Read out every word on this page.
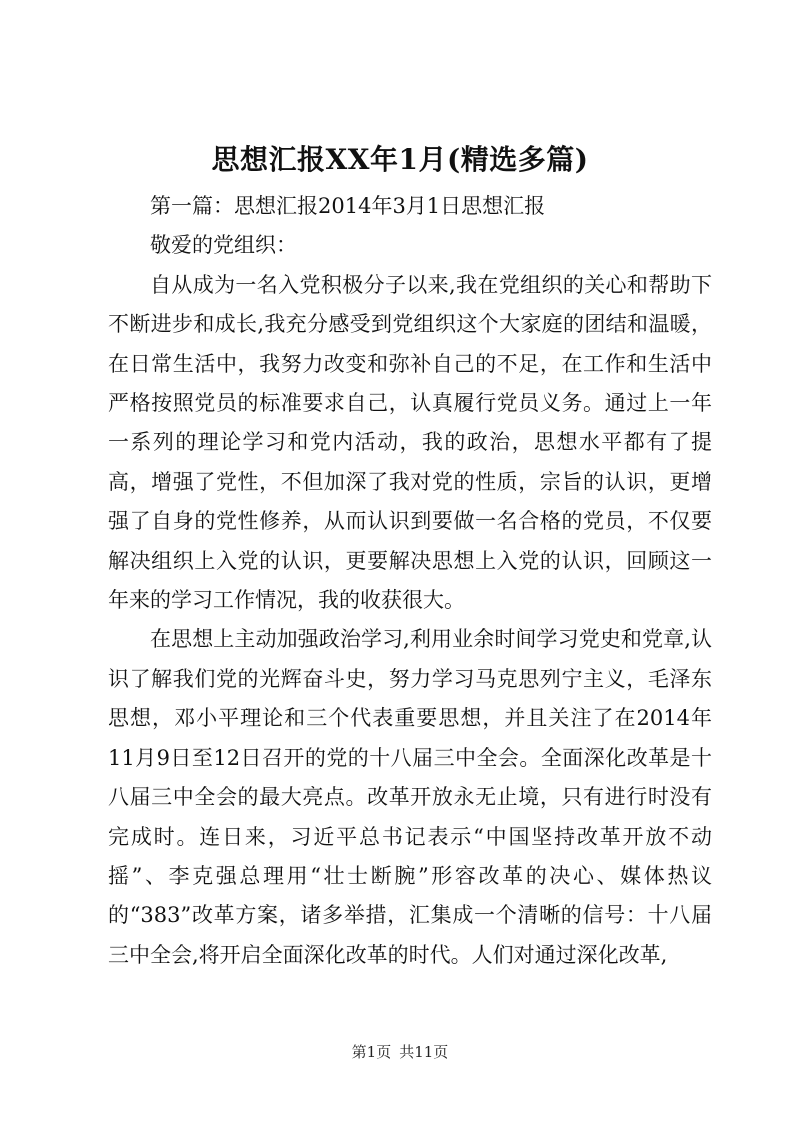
思想汇报XX年1月(精选多篇)

第一篇：思想汇报2014年3月1日思想汇报

敬爱的党组织：

自从成为一名入党积极分子以来,我在党组织的关心和帮助下不断进步和成长,我充分感受到党组织这个大家庭的团结和温暖，在日常生活中，我努力改变和弥补自己的不足，在工作和生活中严格按照党员的标准要求自己，认真履行党员义务。通过上一年一系列的理论学习和党内活动，我的政治，思想水平都有了提高，增强了党性，不但加深了我对党的性质，宗旨的认识，更增强了自身的党性修养，从而认识到要做一名合格的党员，不仅要解决组织上入党的认识，更要解决思想上入党的认识，回顾这一年来的学习工作情况，我的收获很大。

在思想上主动加强政治学习,利用业余时间学习党史和党章,认识了解我们党的光辉奋斗史，努力学习马克思列宁主义，毛泽东思想，邓小平理论和三个代表重要思想，并且关注了在2014年11月9日至12日召开的党的十八届三中全会。全面深化改革是十八届三中全会的最大亮点。改革开放永无止境，只有进行时没有完成时。连日来，习近平总书记表示“中国坚持改革开放不动摇”、李克强总理用“壮士断腕”形容改革的决心、媒体热议的“383”改革方案，诸多举措，汇集成一个清晰的信号：十八届三中全会,将开启全面深化改革的时代。人们对通过深化改革,

第1页 共11页
